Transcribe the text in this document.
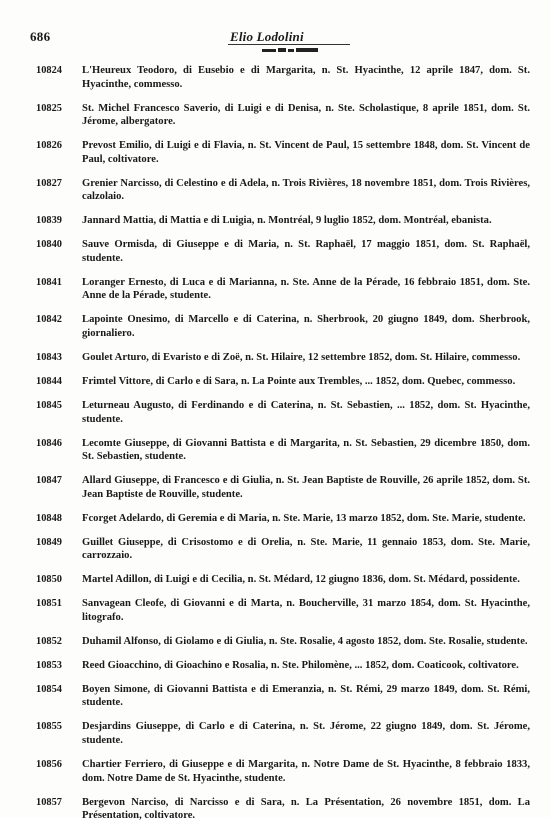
686	Elio Lodolini
10824 L'Heureux Teodoro, di Eusebio e di Margarita, n. St. Hyacinthe, 12 aprile 1847, dom. St. Hyacinthe, commesso.
10825 St. Michel Francesco Saverio, di Luigi e di Denisa, n. Ste. Scholastique, 8 aprile 1851, dom. St. Jérome, albergatore.
10826 Prevost Emilio, di Luigi e di Flavia, n. St. Vincent de Paul, 15 settembre 1848, dom. St. Vincent de Paul, coltivatore.
10827 Grenier Narcisso, di Celestino e di Adela, n. Trois Rivières, 18 novembre 1851, dom. Trois Rivières, calzolaio.
10839 Jannard Mattia, di Mattia e di Luigia, n. Montréal, 9 luglio 1852, dom. Montréal, ebanista.
10840 Sauve Ormisda, di Giuseppe e di Maria, n. St. Raphaël, 17 maggio 1851, dom. St. Raphaël, studente.
10841 Loranger Ernesto, di Luca e di Marianna, n. Ste. Anne de la Pérade, 16 febbraio 1851, dom. Ste. Anne de la Pérade, studente.
10842 Lapointe Onesimo, di Marcello e di Caterina, n. Sherbrook, 20 giugno 1849, dom. Sherbrook, giornaliero.
10843 Goulet Arturo, di Evaristo e di Zoë, n. St. Hilaire, 12 settembre 1852, dom. St. Hilaire, commesso.
10844 Frimtel Vittore, di Carlo e di Sara, n. La Pointe aux Trembles, ... 1852, dom. Quebec, commesso.
10845 Leturneau Augusto, di Ferdinando e di Caterina, n. St. Sebastien, ... 1852, dom. St. Hyacinthe, studente.
10846 Lecomte Giuseppe, di Giovanni Battista e di Margarita, n. St. Sebastien, 29 dicembre 1850, dom. St. Sebastien, studente.
10847 Allard Giuseppe, di Francesco e di Giulia, n. St. Jean Baptiste de Rouville, 26 aprile 1852, dom. St. Jean Baptiste de Rouville, studente.
10848 Fcorget Adelardo, di Geremia e di Maria, n. Ste. Marie, 13 marzo 1852, dom. Ste. Marie, studente.
10849 Guillet Giuseppe, di Crisostomo e di Orelia, n. Ste. Marie, 11 gennaio 1853, dom. Ste. Marie, carrozzaio.
10850 Martel Adillon, di Luigi e di Cecilia, n. St. Médard, 12 giugno 1836, dom. St. Médard, possidente.
10851 Sanvagean Cleofe, di Giovanni e di Marta, n. Boucherville, 31 marzo 1854, dom. St. Hyacinthe, litografo.
10852 Duhamil Alfonso, di Giolamo e di Giulia, n. Ste. Rosalie, 4 agosto 1852, dom. Ste. Rosalie, studente.
10853 Reed Gioacchino, di Gioachino e Rosalia, n. Ste. Philomène, ... 1852, dom. Coaticook, coltivatore.
10854 Boyen Simone, di Giovanni Battista e di Emeranzia, n. St. Rémi, 29 marzo 1849, dom. St. Rémi, studente.
10855 Desjardins Giuseppe, di Carlo e di Caterina, n. St. Jérome, 22 giugno 1849, dom. St. Jérome, studente.
10856 Chartier Ferriero, di Giuseppe e di Margarita, n. Notre Dame de St. Hyacinthe, 8 febbraio 1833, dom. Notre Dame de St. Hyacinthe, studente.
10857 Bergevon Narciso, di Narcisso e di Sara, n. La Présentation, 26 novembre 1851, dom. La Présentation, coltivatore.
